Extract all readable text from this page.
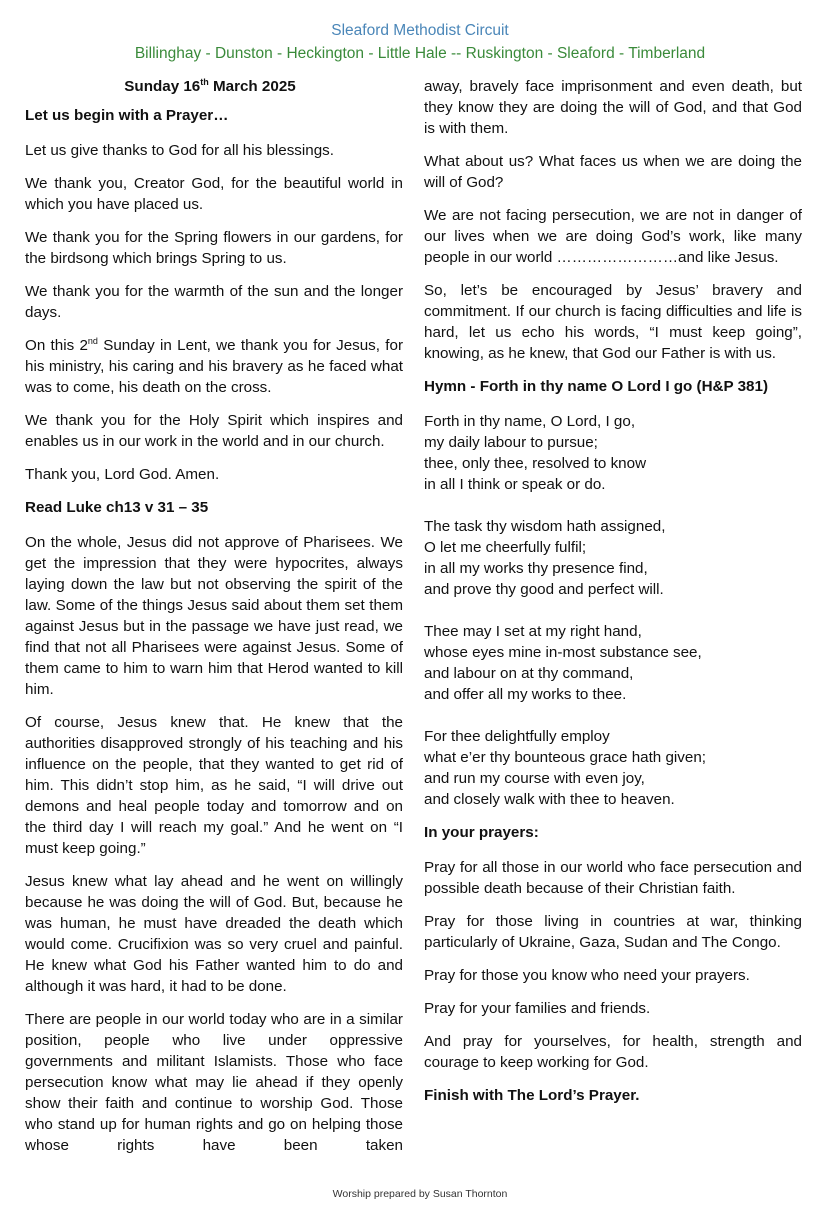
Sleaford Methodist Circuit
Billinghay - Dunston - Heckington - Little Hale -- Ruskington - Sleaford - Timberland

Sunday 16th March 2025

Let us begin with a Prayer…

Let us give thanks to God for all his blessings.

We thank you, Creator God, for the beautiful world in which you have placed us.

We thank you for the Spring flowers in our gardens, for the birdsong which brings Spring to us.

We thank you for the warmth of the sun and the longer days.

On this 2nd Sunday in Lent, we thank you for Jesus, for his ministry, his caring and his bravery as he faced what was to come, his death on the cross.

We thank you for the Holy Spirit which inspires and enables us in our work in the world and in our church.

Thank you, Lord God. Amen.

Read Luke ch13 v 31 – 35

On the whole, Jesus did not approve of Pharisees. We get the impression that they were hypocrites, always laying down the law but not observing the spirit of the law. Some of the things Jesus said about them set them against Jesus but in the passage we have just read, we find that not all Pharisees were against Jesus. Some of them came to him to warn him that Herod wanted to kill him.

Of course, Jesus knew that. He knew that the authorities disapproved strongly of his teaching and his influence on the people, that they wanted to get rid of him. This didn’t stop him, as he said, “I will drive out demons and heal people today and tomorrow and on the third day I will reach my goal.” And he went on “I must keep going.”

Jesus knew what lay ahead and he went on willingly because he was doing the will of God. But, because he was human, he must have dreaded the death which would come. Crucifixion was so very cruel and painful. He knew what God his Father wanted him to do and although it was hard, it had to be done.

There are people in our world today who are in a similar position, people who live under oppressive governments and militant Islamists. Those who face persecution know what may lie ahead if they openly show their faith and continue to worship God. Those who stand up for human rights and go on helping those whose rights have been taken

away, bravely face imprisonment and even death, but they know they are doing the will of God, and that God is with them.

What about us? What faces us when we are doing the will of God?

We are not facing persecution, we are not in danger of our lives when we are doing God’s work, like many people in our world ……………………and like Jesus.

So, let’s be encouraged by Jesus’ bravery and commitment. If our church is facing difficulties and life is hard, let us echo his words, “I must keep going”, knowing, as he knew, that God our Father is with us.

Hymn - Forth in thy name O Lord I go (H&P 381)

Forth in thy name, O Lord, I go,
my daily labour to pursue;
thee, only thee, resolved to know
in all I think or speak or do.
The task thy wisdom hath assigned,
O let me cheerfully fulfil;
in all my works thy presence find,
and prove thy good and perfect will.
Thee may I set at my right hand,
whose eyes mine in-most substance see,
and labour on at thy command,
and offer all my works to thee.
For thee delightfully employ
what e’er thy bounteous grace hath given;
and run my course with even joy,
and closely walk with thee to heaven.

In your prayers:

Pray for all those in our world who face persecution and possible death because of their Christian faith.

Pray for those living in countries at war, thinking particularly of Ukraine, Gaza, Sudan and The Congo.

Pray for those you know who need your prayers.

Pray for your families and friends.

And pray for yourselves, for health, strength and courage to keep working for God.

Finish with The Lord’s Prayer.

Worship prepared by Susan Thornton
